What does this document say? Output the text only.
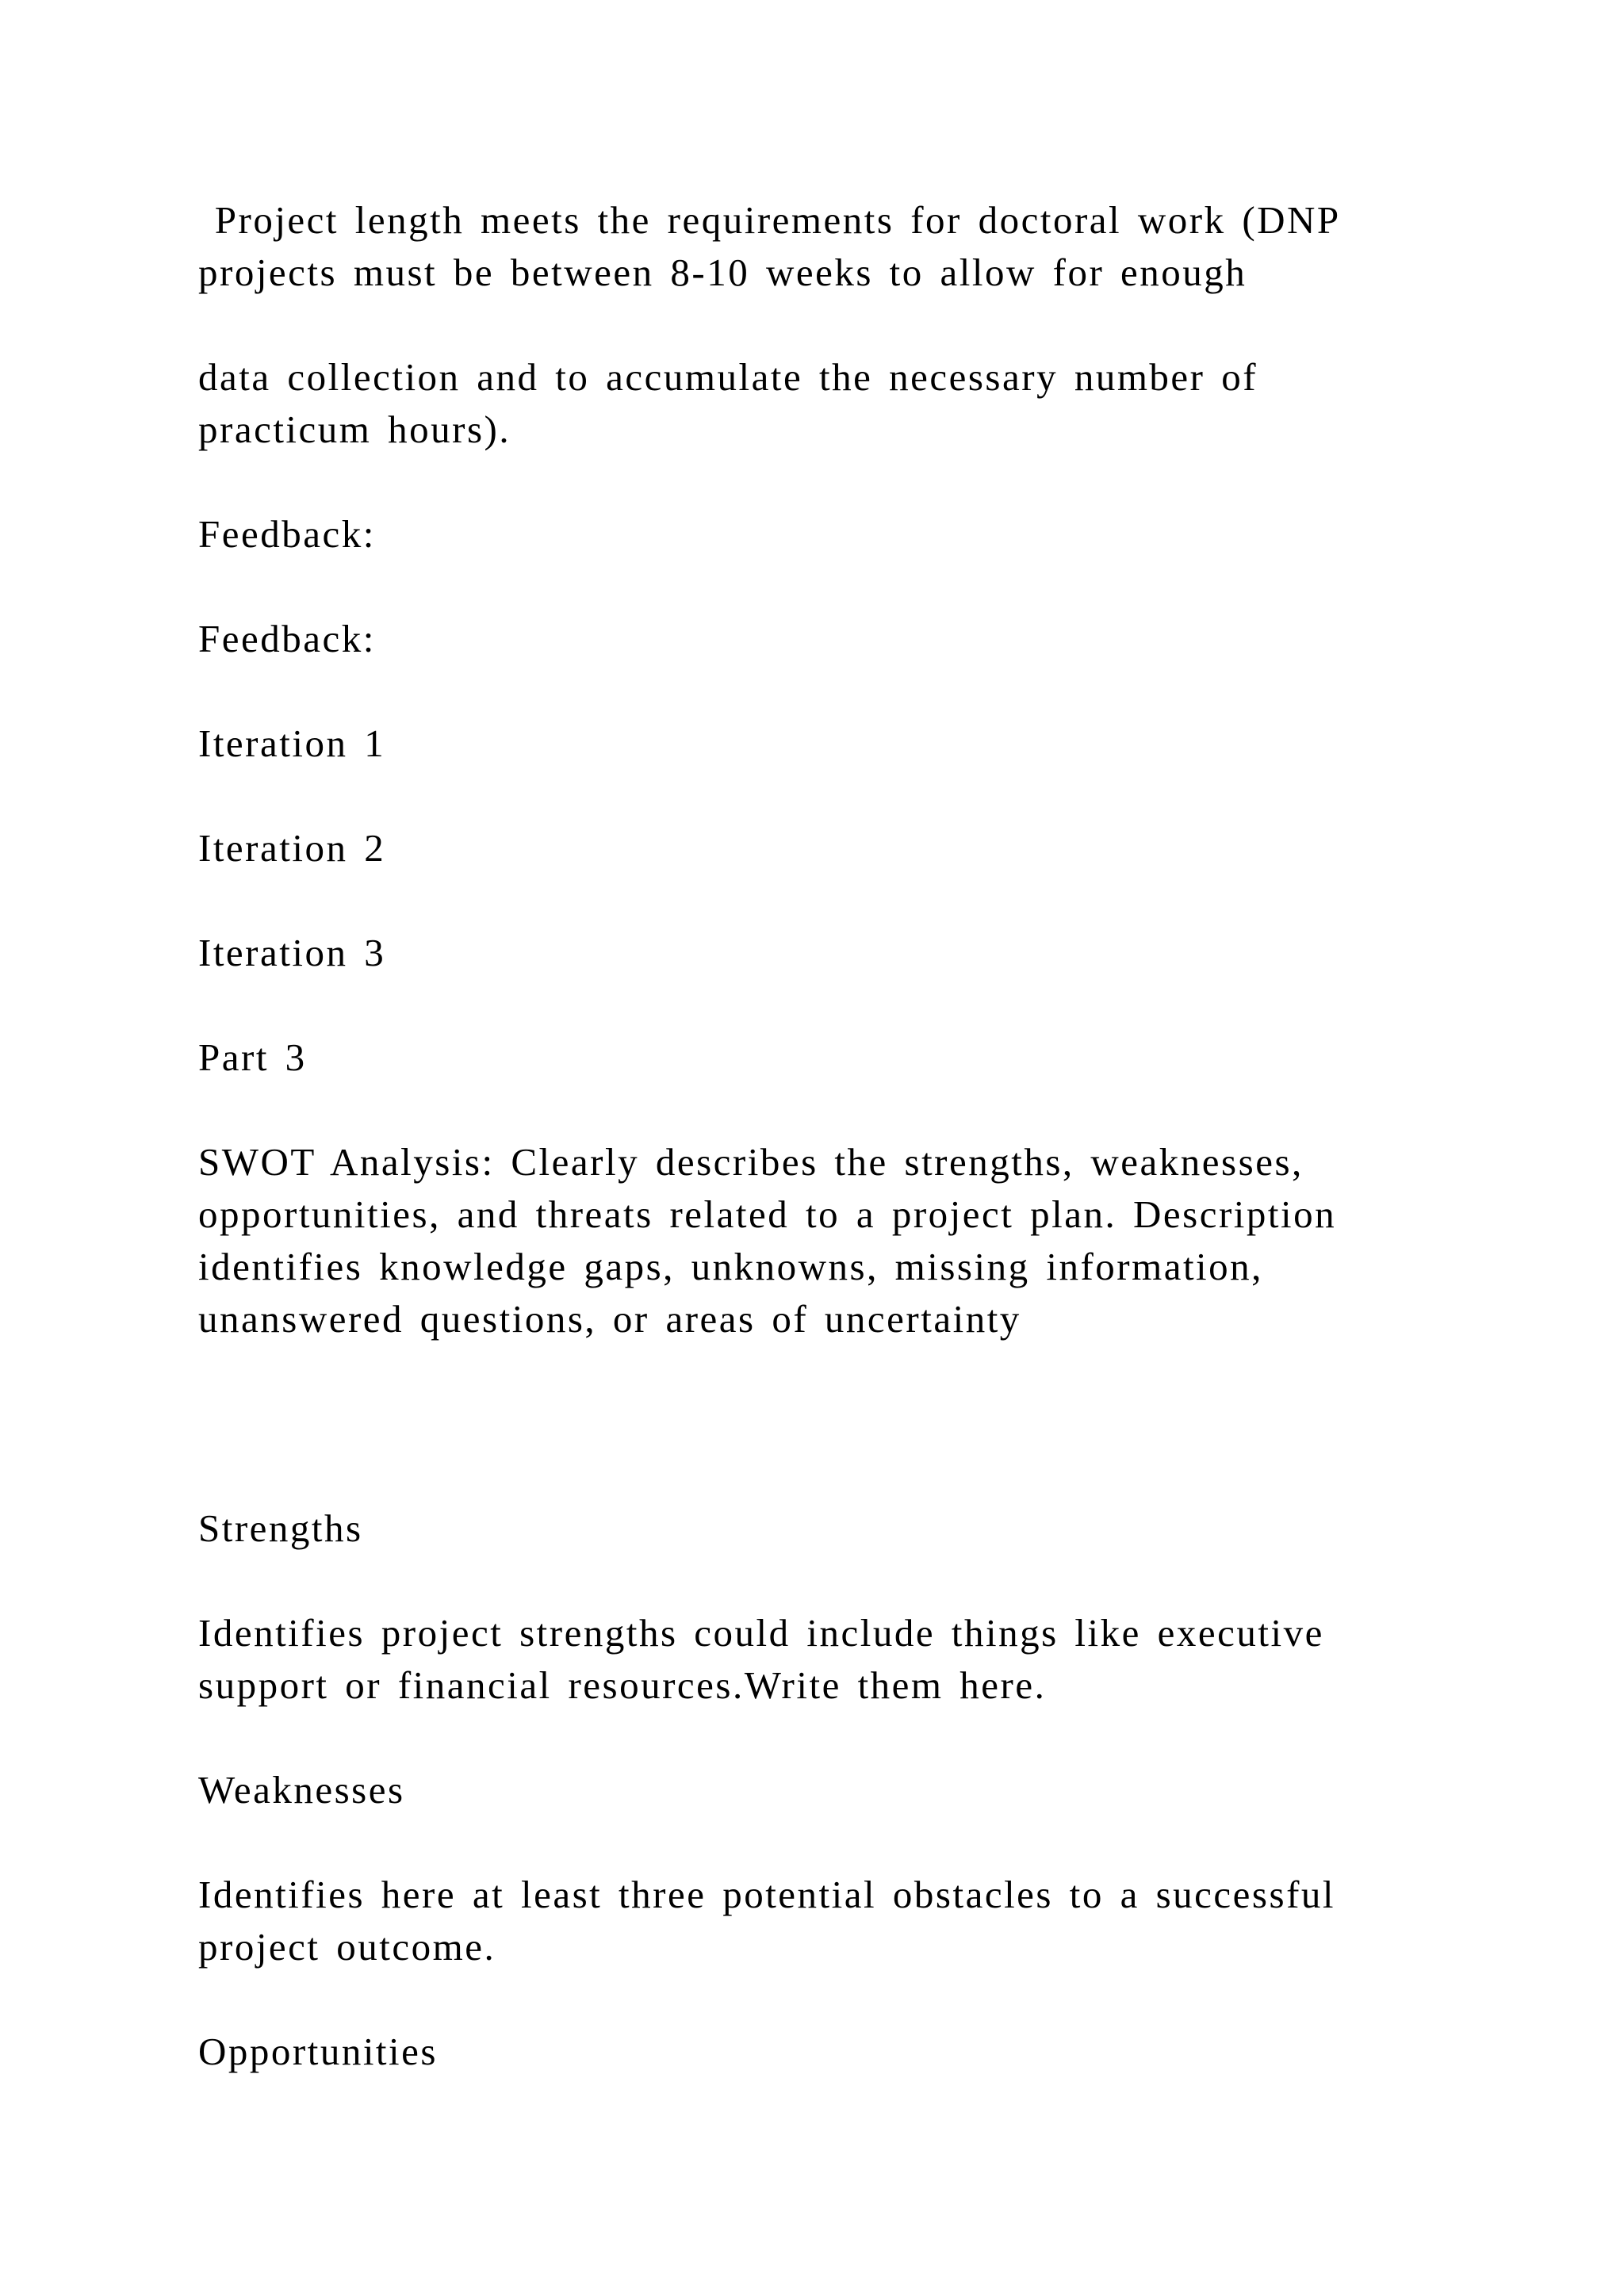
Project length meets the requirements for doctoral work (DNP
projects must be between 8-10 weeks to allow for enough
data collection and to accumulate the necessary number of
practicum hours).
Feedback:
Feedback:
Iteration 1
Iteration 2
Iteration 3
Part 3
SWOT Analysis: Clearly describes the strengths, weaknesses,
opportunities, and threats related to a project plan. Description
identifies knowledge gaps, unknowns, missing information,
unanswered questions, or areas of uncertainty
Strengths
Identifies project strengths could include things like executive
support or financial resources.Write them here.
Weaknesses
Identifies here at least three potential obstacles to a successful
project outcome.
Opportunities
